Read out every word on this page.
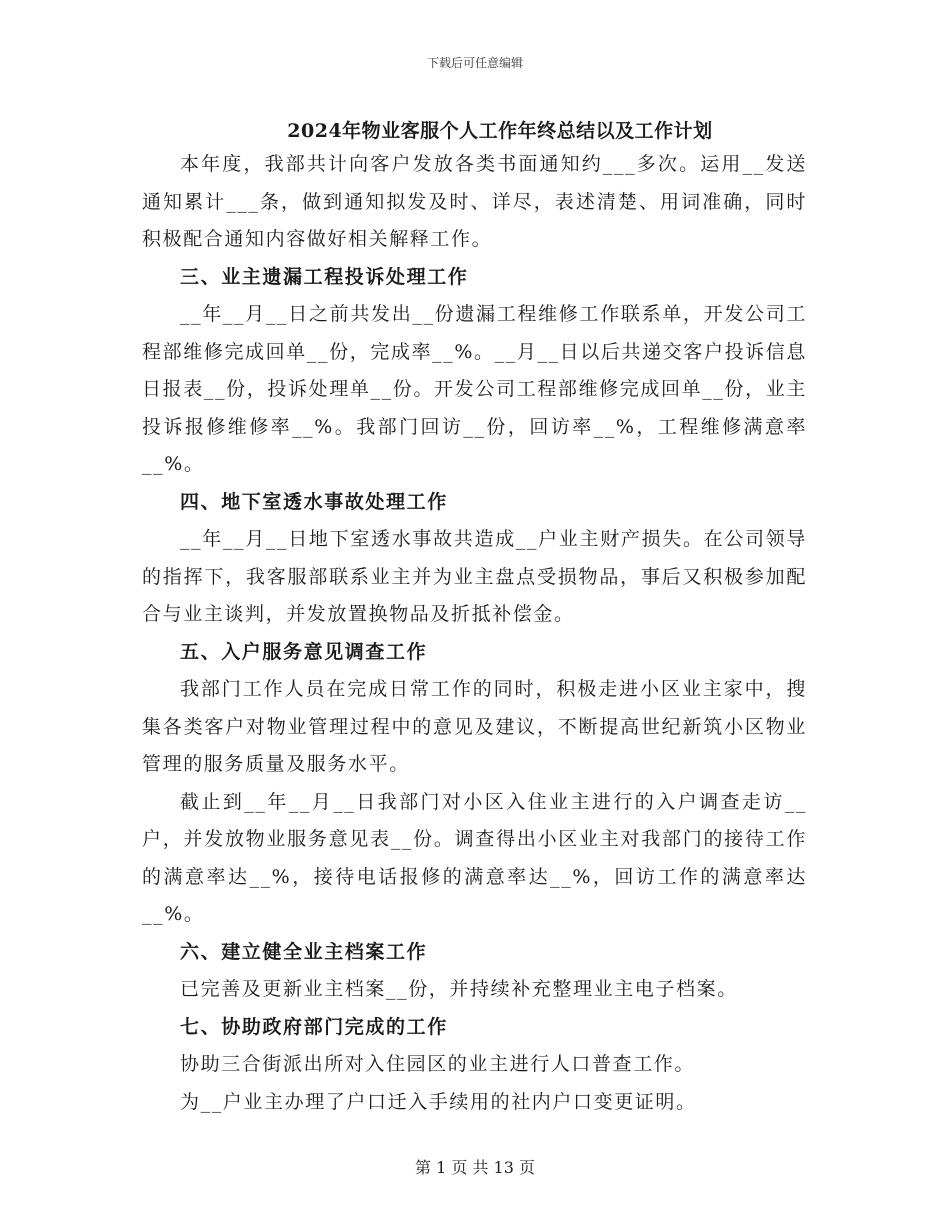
下载后可任意编辑
2024年物业客服个人工作年终总结以及工作计划

本年度，我部共计向客户发放各类书面通知约___多次。运用__发送通知累计___条，做到通知拟发及时、详尽，表述清楚、用词准确，同时积极配合通知内容做好相关解释工作。

三、业主遗漏工程投诉处理工作

__年__月__日之前共发出__份遗漏工程维修工作联系单，开发公司工程部维修完成回单__份，完成率__%。__月__日以后共递交客户投诉信息日报表__份，投诉处理单__份。开发公司工程部维修完成回单__份，业主投诉报修维修率__%。我部门回访__份，回访率__%，工程维修满意率__%。

四、地下室透水事故处理工作

__年__月__日地下室透水事故共造成__户业主财产损失。在公司领导的指挥下，我客服部联系业主并为业主盘点受损物品，事后又积极参加配合与业主谈判，并发放置换物品及折抵补偿金。

五、入户服务意见调查工作

我部门工作人员在完成日常工作的同时，积极走进小区业主家中，搜集各类客户对物业管理过程中的意见及建议，不断提高世纪新筑小区物业管理的服务质量及服务水平。

截止到__年__月__日我部门对小区入住业主进行的入户调查走访__户，并发放物业服务意见表__份。调查得出小区业主对我部门的接待工作的满意率达__%，接待电话报修的满意率达__%，回访工作的满意率达__%。

六、建立健全业主档案工作

已完善及更新业主档案__份，并持续补充整理业主电子档案。

七、协助政府部门完成的工作

协助三合街派出所对入住园区的业主进行人口普查工作。

为__户业主办理了户口迁入手续用的社内户口变更证明。

第 1 页 共 13 页
